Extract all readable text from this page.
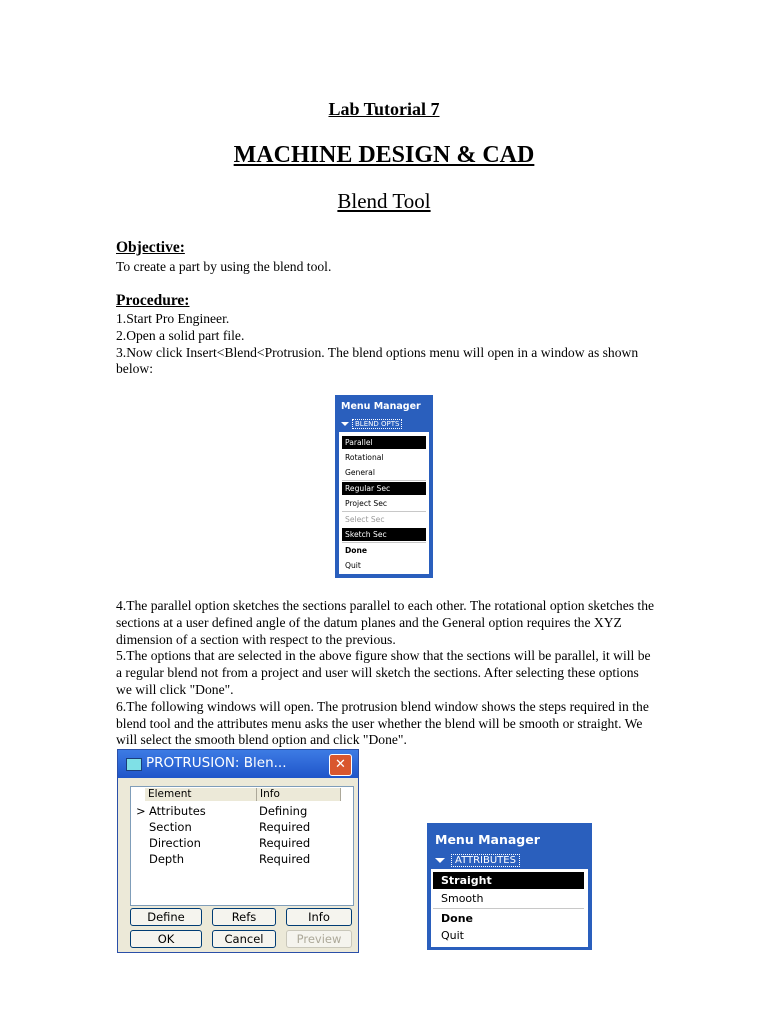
Lab Tutorial 7
MACHINE DESIGN & CAD
Blend Tool
Objective:
To create a part by using the blend tool.
Procedure:
1.Start Pro Engineer.
2.Open a solid part file.
3.Now click Insert<Blend<Protrusion. The blend options menu will open in a window as shown below:
Menu Manager
BLEND OPTS
Parallel
Rotational
General
Regular Sec
Project Sec
Select Sec
Sketch Sec
Done
Quit
4.The parallel option sketches the sections parallel to each other. The rotational option sketches the sections at a user defined angle of the datum planes and the General option requires the XYZ dimension of a section with respect to the previous.
5.The options that are selected in the above figure show that the sections will be parallel, it will be a regular blend not from a project and user will sketch the sections. After selecting these options we will click "Done".
6.The following windows will open. The protrusion blend window shows the steps required in the blend tool and the attributes menu asks the user whether the blend will be smooth or straight. We will select the smooth blend option and click "Done".
PROTRUSION: Blen...	✕
Element	Info
> Attributes	Defining
Section	Required
Direction	Required
Depth	Required
Define	Refs	Info
OK	Cancel	Preview
Menu Manager
ATTRIBUTES
Straight
Smooth
Done
Quit
